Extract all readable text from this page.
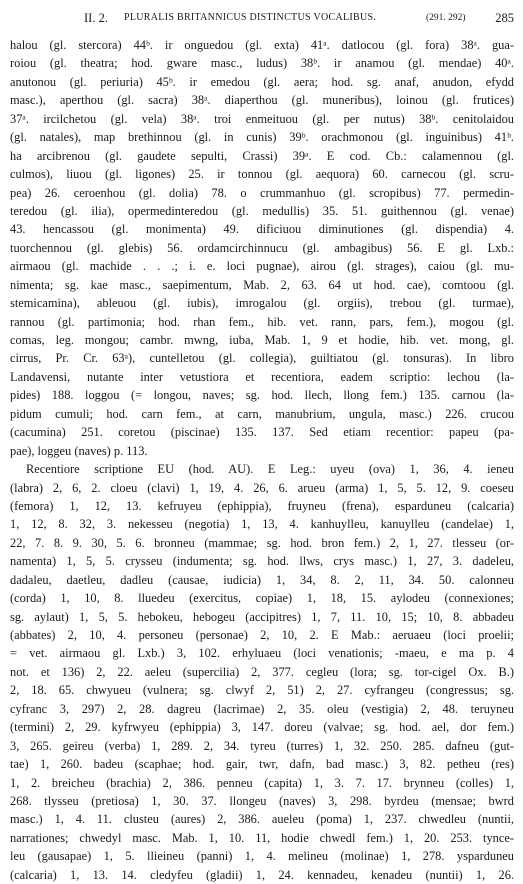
II. 2. PLURALIS BRITANNICUS DISTINCTUS VOCALIBUS.	(291. 292) 285
halou (gl. stercora) 44ᵇ. ir onguedou (gl. exta) 41ᵃ. datlocou (gl. fora) 38ᵃ. gua-
roiou (gl. theatra; hod. gware masc., ludus) 38ᵇ. ir anamou (gl. mendae) 40ᵃ.
anutonou (gl. periuria) 45ᵇ. ir emedou (gl. aera; hod. sg. anaf, anudon, efydd
masc.), aperthou (gl. sacra) 38ᵃ. diaperthou (gl. muneribus), loinou (gl. frutices)
37ᵃ. ircilchetou (gl. vela) 38ᵃ. troi enmeituou (gl. per nutus) 38ᵇ. cenitolaidou
(gl. natales), map brethinnou (gl. in cunis) 39ᵇ. orachmonou (gl. inguinibus) 41ᵇ.
ha arcibrenou (gl. gaudete sepulti, Crassi) 39ᵃ. E cod. Cb.: calamennou (gl.
culmos), liuou (gl. ligones) 25. ir tonnou (gl. aequora) 60. carnecou (gl. scru-
pea) 26. ceroenhou (gl. dolia) 78. o crummanhuo (gl. scropibus) 77. permedin-
teredou (gl. ilia), opermedinteredou (gl. medullis) 35. 51. guithennou (gl. venae)
43. hencassou (gl. monimenta) 49. dificiuou diminutiones (gl. dispendia) 4.
tuorchennou (gl. glebis) 56. ordamcirchinnucu (gl. ambagibus) 56. E gl. Lxb.:
airmaou (gl. machide . . .; i. e. loci pugnae), airou (gl. strages), caiou (gl. mu-
nimenta; sg. kae masc., saepimentum, Mab. 2, 63. 64 ut hod. cae), comtoou (gl.
stemicamina), ableuou (gl. iubis), imrogalou (gl. orgiis), trebou (gl. turmae),
rannou (gl. partimonia; hod. rhan fem., hib. vet. rann, pars, fem.), mogou (gl.
comas, leg. mongou; cambr. mwng, iuba, Mab. 1, 9 et hodie, hib. vet. mong, gl.
cirrus, Pr. Cr. 63ᵃ), cuntelletou (gl. collegia), guiltiatou (gl. tonsuras). In libro
Landavensi, nutante inter vetustiora et recentiora, eadem scriptio: lechou (la-
pides) 188. loggou (= longou, naves; sg. hod. llech, llong fem.) 135. carnou (la-
pidum cumuli; hod. carn fem., at carn, manubrium, ungula, masc.) 226. crucou
(cacumina) 251. coretou (piscinae) 135. 137. Sed etiam recentior: papeu (pa-
pae), loggeu (naves) p. 113.
Recentiore scriptione EU (hod. AU). E Leg.: uyeu (ova) 1, 36, 4. ieneu
(labra) 2, 6, 2. cloeu (clavi) 1, 19, 4. 26, 6. arueu (arma) 1, 5, 5. 12, 9. coeseu
(femora) 1, 12, 13. kefruyeu (ephippia), fruyneu (frena), esparduneu (calcaria)
1, 12, 8. 32, 3. nekesseu (negotia) 1, 13, 4. kanhuylleu, kanuylleu (candelae) 1,
22, 7. 8. 9. 30, 5. 6. bronneu (mammae; sg. hod. bron fem.) 2, 1, 27. tlesseu (or-
namenta) 1, 5, 5. crysseu (indumenta; sg. hod. llws, crys masc.) 1, 27, 3. dadeleu,
dadaleu, daetleu, dadleu (causae, iudicia) 1, 34, 8. 2, 11, 34. 50. calonneu
(corda) 1, 10, 8. lluedeu (exercitus, copiae) 1, 18, 15. aylodeu (connexiones;
sg. aylaut) 1, 5, 5. hebokeu, hebogeu (accipitres) 1, 7, 11. 10, 15; 10, 8. abbadeu
(abbates) 2, 10, 4. personeu (personae) 2, 10, 2. E Mab.: aeruaeu (loci proelii;
= vet. airmaou gl. Lxb.) 3, 102. erhyluaeu (loci venationis; -maeu, e ma p. 4
not. et 136) 2, 22. aeleu (supercilia) 2, 377. cegleu (lora; sg. tor-cigel Ox. B.)
2, 18. 65. chwyueu (vulnera; sg. clwyf 2, 51) 2, 27. cyfrangeu (congressus; sg.
cyfranc 3, 297) 2, 28. dagreu (lacrimae) 2, 35. oleu (vestigia) 2, 48. teruyneu
(termini) 2, 29. kyfrwyeu (ephippia) 3, 147. doreu (valvae; sg. hod. ael, dor fem.)
3, 265. geireu (verba) 1, 289. 2, 34. tyreu (turres) 1, 32. 250. 285. dafneu (gut-
tae) 1, 260. badeu (scaphae; hod. gair, twr, dafn, bad masc.) 3, 82. petheu (res)
1, 2. breicheu (brachia) 2, 386. penneu (capita) 1, 3. 7. 17. brynneu (colles) 1,
268. tlysseu (pretiosa) 1, 30. 37. llongeu (naves) 3, 298. byrdeu (mensae; bwrd
masc.) 1, 4. 11. clusteu (aures) 2, 386. aueleu (poma) 1, 237. chwedleu (nuntii,
narrationes; chwedyl masc. Mab. 1, 10. 11, hodie chwedl fem.) 1, 20. 253. tynce-
leu (gausapae) 1, 5. llieineu (panni) 1, 4. melineu (molinae) 1, 278. ysparduneu
(calcaria) 1, 13. 14. cledyfeu (gladii) 1, 24. kennadeu, kenadeu (nuntii) 1, 26.
